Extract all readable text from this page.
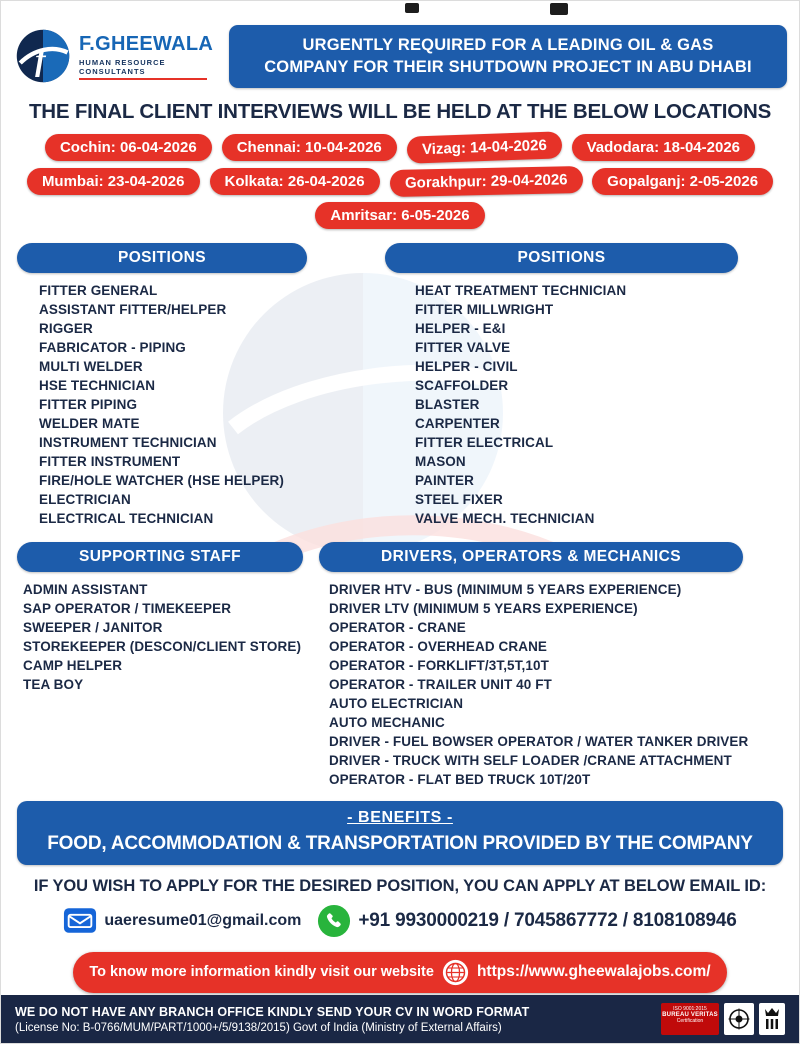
f F.GHEEWALA
HUMAN RESOURCE CONSULTANTS
URGENTLY REQUIRED FOR A LEADING OIL & GAS
COMPANY FOR THEIR SHUTDOWN PROJECT IN ABU DHABI
THE FINAL CLIENT INTERVIEWS WILL BE HELD AT THE BELOW LOCATIONS
Cochin: 06-04-2026	Chennai: 10-04-2026	Vizag: 14-04-2026	Vadodara: 18-04-2026
Mumbai: 23-04-2026	Kolkata: 26-04-2026	Gorakhpur: 29-04-2026	Gopalganj: 2-05-2026
Amritsar: 6-05-2026
POSITIONS
FITTER GENERAL
ASSISTANT FITTER/HELPER
RIGGER
FABRICATOR - PIPING
MULTI WELDER
HSE TECHNICIAN
FITTER PIPING
WELDER MATE
INSTRUMENT TECHNICIAN
FITTER INSTRUMENT
FIRE/HOLE WATCHER (HSE HELPER)
ELECTRICIAN
ELECTRICAL TECHNICIAN
POSITIONS
HEAT TREATMENT TECHNICIAN
FITTER MILLWRIGHT
HELPER - E&I
FITTER VALVE
HELPER - CIVIL
SCAFFOLDER
BLASTER
CARPENTER
FITTER ELECTRICAL
MASON
PAINTER
STEEL FIXER
VALVE MECH. TECHNICIAN
SUPPORTING STAFF
ADMIN ASSISTANT
SAP OPERATOR / TIMEKEEPER
SWEEPER / JANITOR
STOREKEEPER (DESCON/CLIENT STORE)
CAMP HELPER
TEA BOY
DRIVERS, OPERATORS & MECHANICS
DRIVER HTV - BUS (MINIMUM 5 YEARS EXPERIENCE)
DRIVER LTV (MINIMUM 5 YEARS EXPERIENCE)
OPERATOR - CRANE
OPERATOR - OVERHEAD CRANE
OPERATOR - FORKLIFT/3T,5T,10T
OPERATOR - TRAILER UNIT 40 FT
AUTO ELECTRICIAN
AUTO MECHANIC
DRIVER - FUEL BOWSER OPERATOR / WATER TANKER DRIVER
DRIVER - TRUCK WITH SELF LOADER /CRANE ATTACHMENT
OPERATOR - FLAT BED TRUCK 10T/20T
- BENEFITS -
FOOD, ACCOMMODATION & TRANSPORTATION PROVIDED BY THE COMPANY
IF YOU WISH TO APPLY FOR THE DESIRED POSITION, YOU CAN APPLY AT BELOW EMAIL ID:
uaeresume01@gmail.com	+91 9930000219 / 7045867772 / 8108108946
To know more information kindly visit our website	https://www.gheewalajobs.com/
WE DO NOT HAVE ANY BRANCH OFFICE KINDLY SEND YOUR CV IN WORD FORMAT
(License No: B-0766/MUM/PART/1000+/5/9138/2015) Govt of India (Ministry of External Affairs)
ISO 9001:2015
BUREAU VERITAS
Certification
